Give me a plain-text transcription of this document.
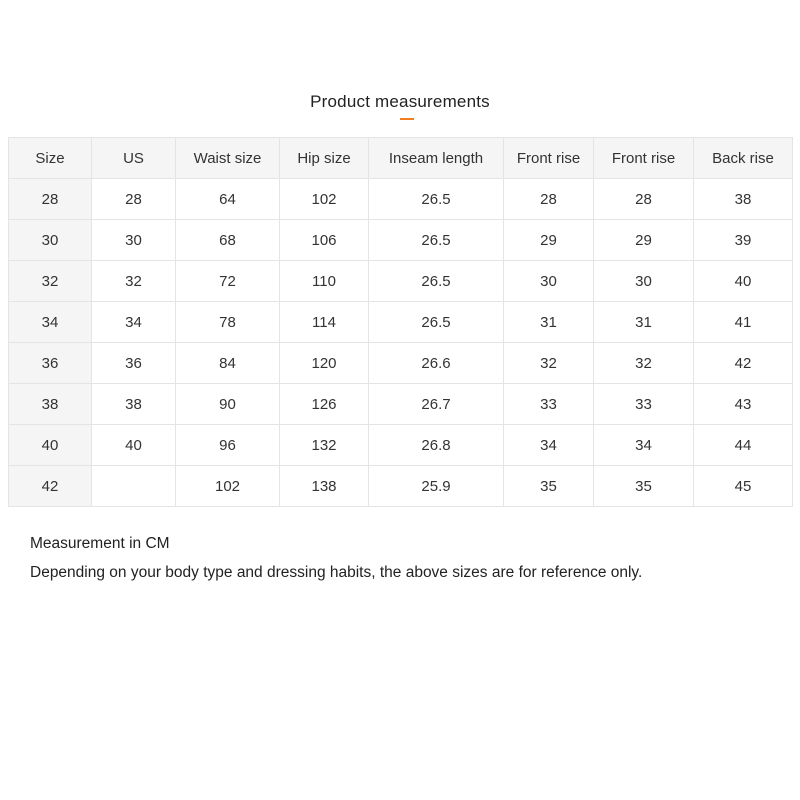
Product measurements
Size	US	Waist size	Hip size	Inseam length	Front rise	Front rise	Back rise
28	28	64	102	26.5	28	28	38
30	30	68	106	26.5	29	29	39
32	32	72	110	26.5	30	30	40
34	34	78	114	26.5	31	31	41
36	36	84	120	26.6	32	32	42
38	38	90	126	26.7	33	33	43
40	40	96	132	26.8	34	34	44
42		102	138	25.9	35	35	45
Measurement in CM
Depending on your body type and dressing habits, the above sizes are for reference only.
